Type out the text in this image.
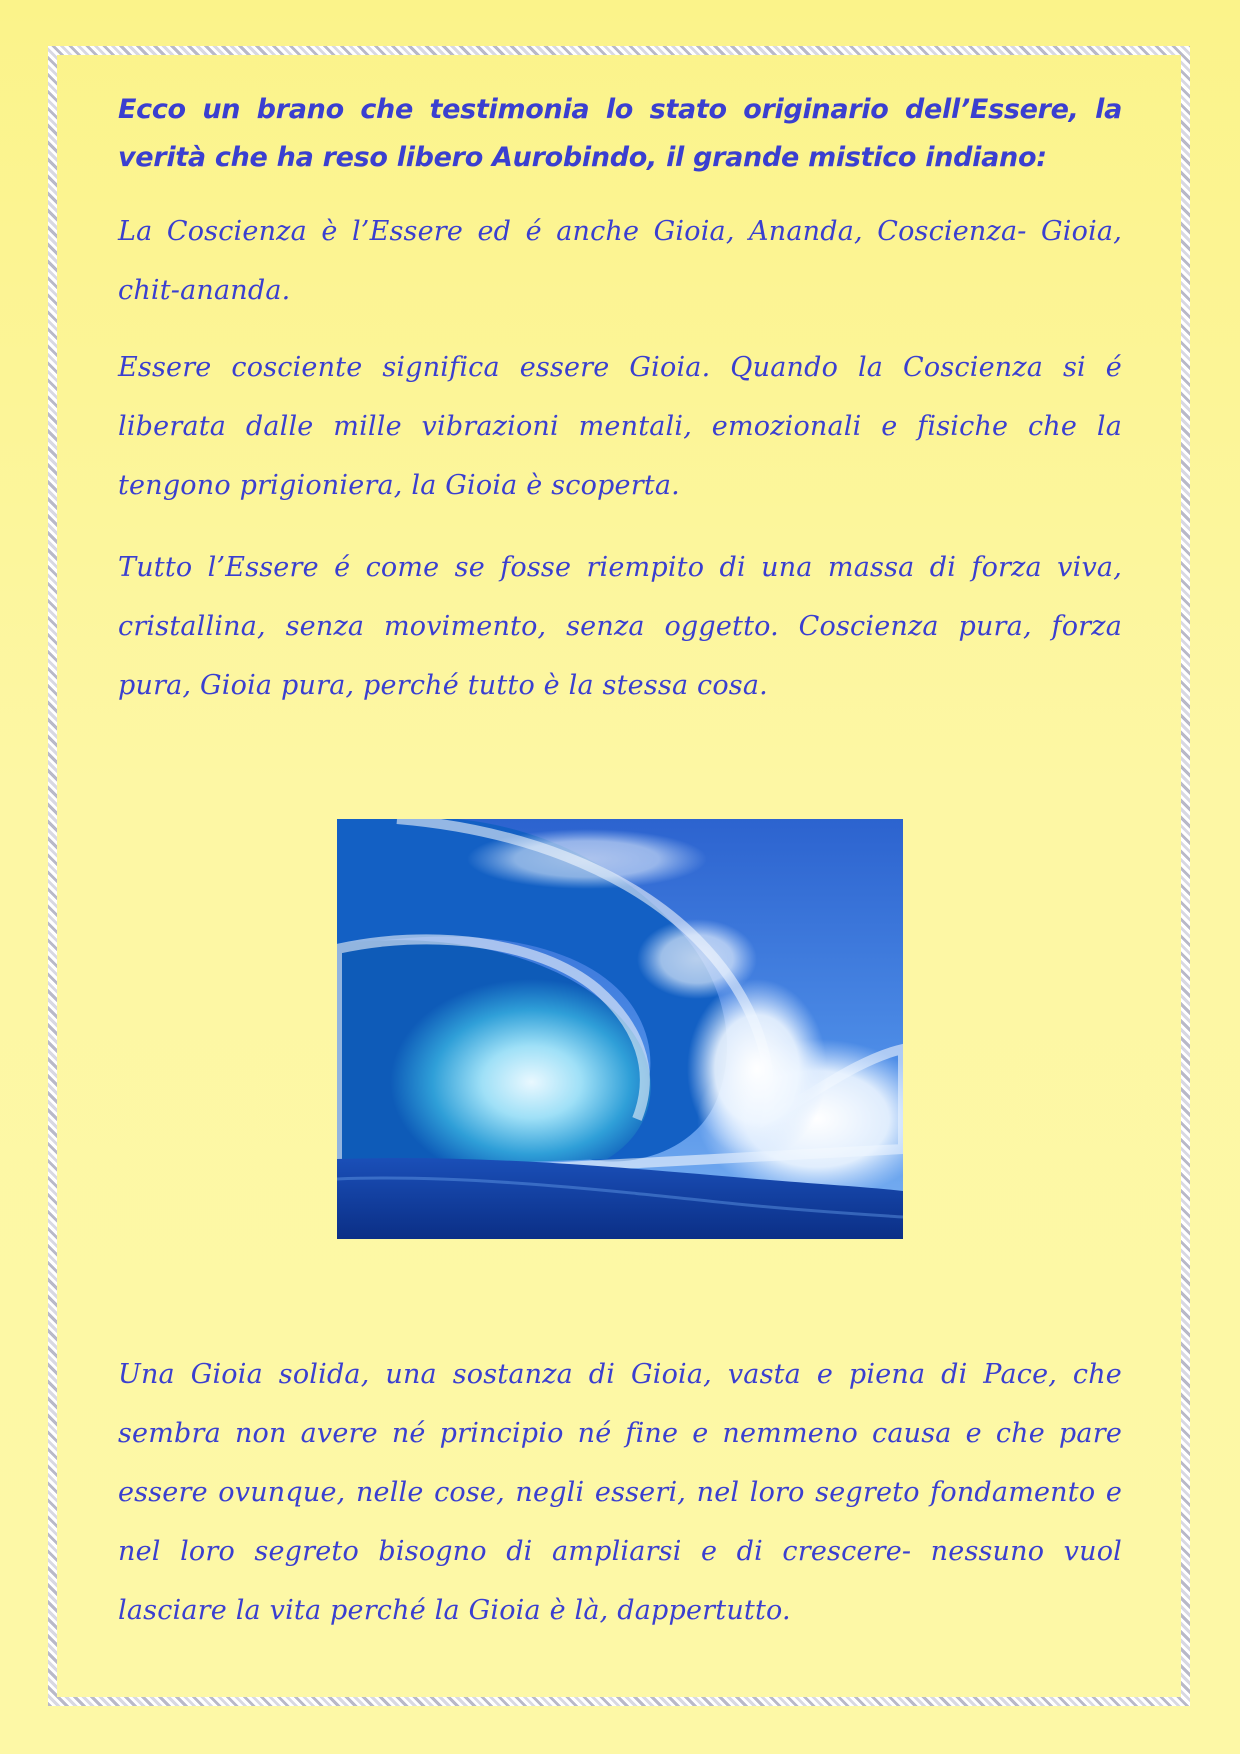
Ecco un brano che testimonia lo stato originario dell’Essere, la verità che ha reso libero Aurobindo, il grande mistico indiano:

La Coscienza è l’Essere ed é anche Gioia, Ananda, Coscienza- Gioia, chit-ananda.

Essere cosciente significa essere Gioia. Quando la Coscienza si é liberata dalle mille vibrazioni mentali, emozionali e fisiche che la tengono prigioniera, la Gioia è scoperta.

Tutto l’Essere é come se fosse riempito di una massa di forza viva, cristallina, senza movimento, senza oggetto. Coscienza pura, forza pura, Gioia pura, perché tutto è la stessa cosa.

Una Gioia solida, una sostanza di Gioia, vasta e piena di Pace, che sembra non avere né principio né fine e nemmeno causa e che pare essere ovunque, nelle cose, negli esseri, nel loro segreto fondamento e nel loro segreto bisogno di ampliarsi e di crescere- nessuno vuol lasciare la vita perché la Gioia è là, dappertutto.
